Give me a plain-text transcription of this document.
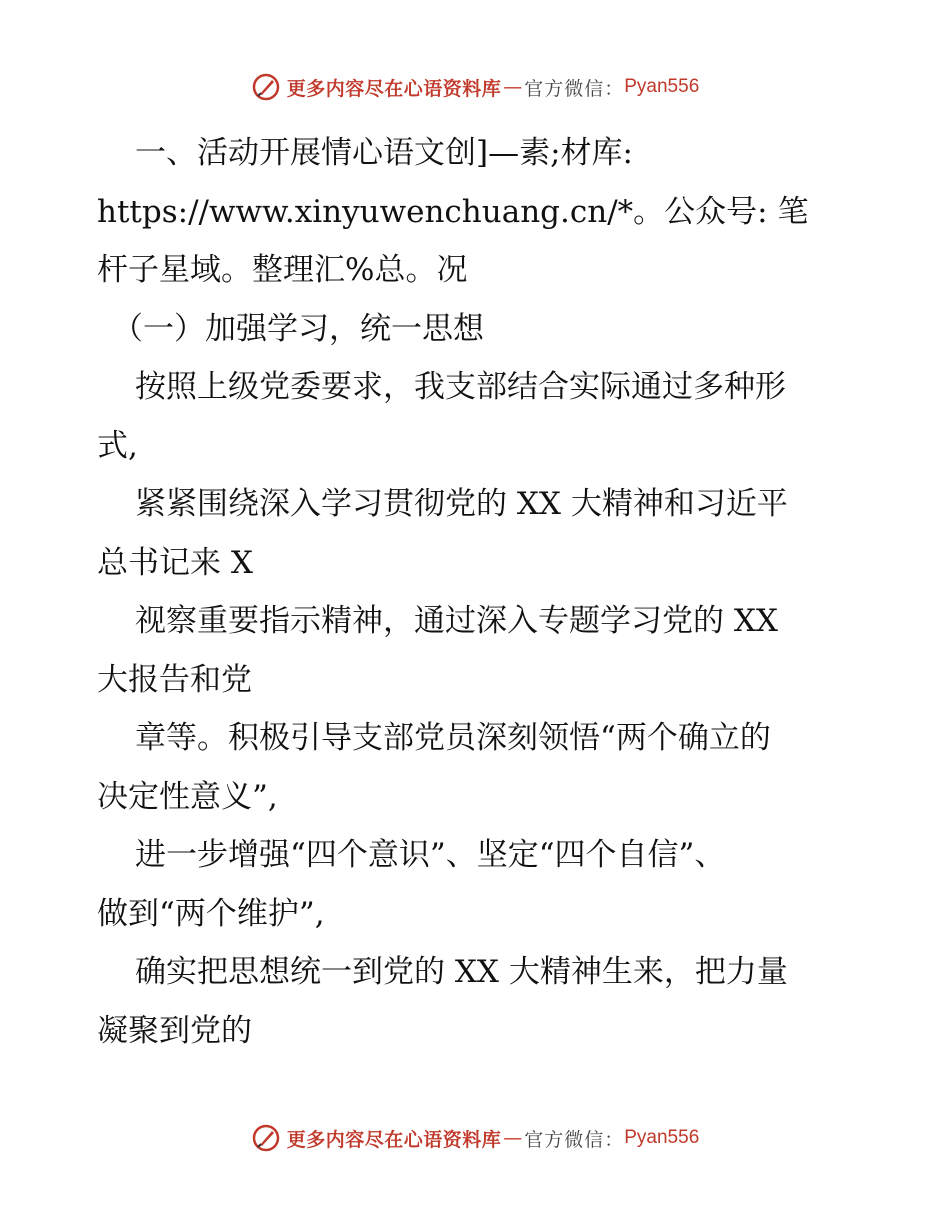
更多内容尽在心语资料库 — 官方微信： Pyan556

一、活动开展情心语文创]—素;材库:

https://www.xinyuwenchuang.cn/*。公众号: 笔

杆子星域。整理汇%总。况

（一）加强学习，统一思想

按照上级党委要求，我支部结合实际通过多种形

式,

紧紧围绕深入学习贯彻党的 XX 大精神和习近平

总书记来 X

视察重要指示精神，通过深入专题学习党的 XX

大报告和党

章等。积极引导支部党员深刻领悟“两个确立的

决定性意义”,

进一步增强“四个意识”、坚定“四个自信”、

做到“两个维护”,

确实把思想统一到党的 XX 大精神生来，把力量

凝聚到党的

更多内容尽在心语资料库 — 官方微信： Pyan556
